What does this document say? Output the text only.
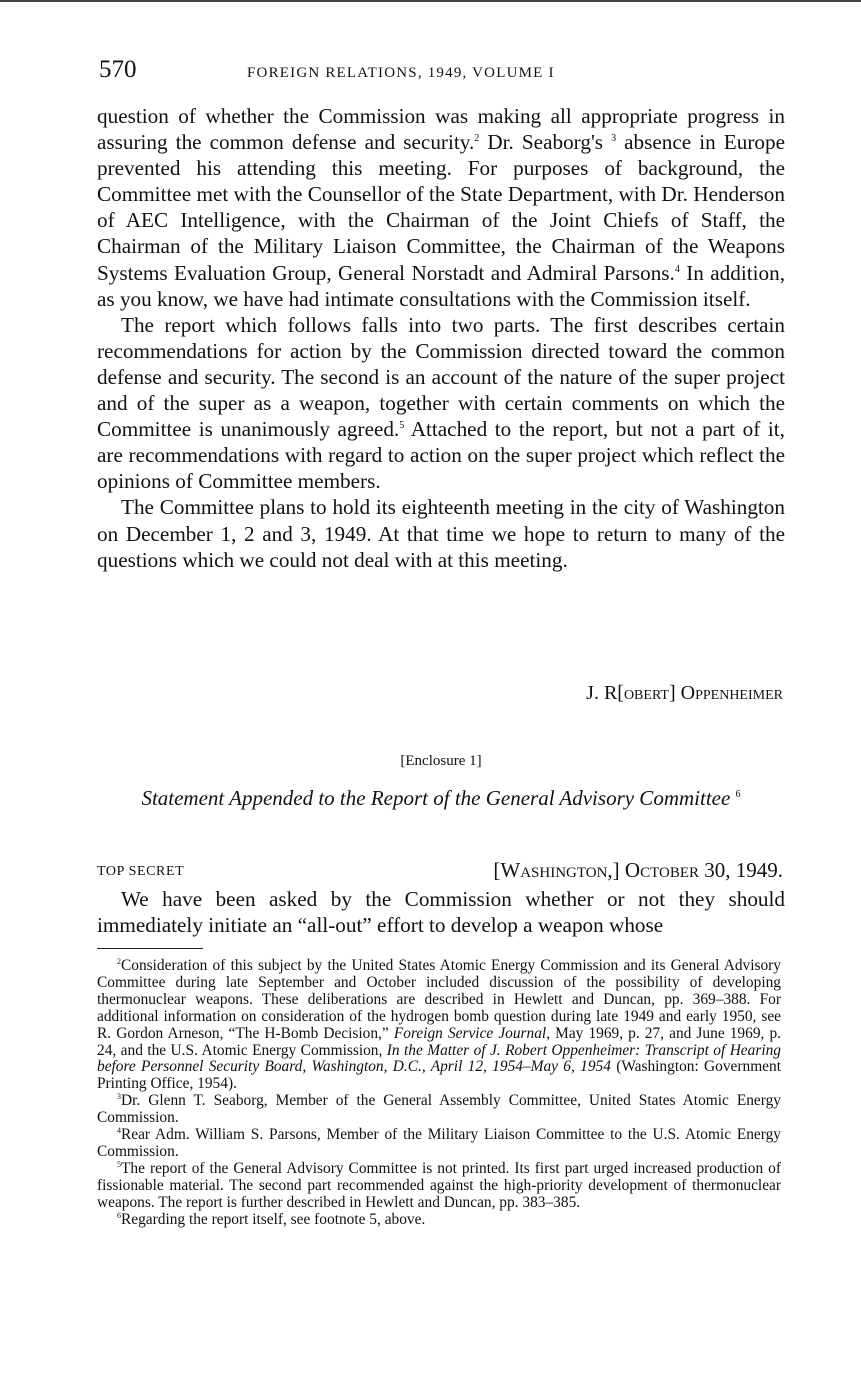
570	FOREIGN RELATIONS, 1949, VOLUME I

question of whether the Commission was making all appropriate progress in assuring the common defense and security.$^2$ Dr. Seaborg's $^3$ absence in Europe prevented his attending this meeting. For purposes of background, the Committee met with the Counsellor of the State Department, with Dr. Henderson of AEC Intelligence, with the Chairman of the Joint Chiefs of Staff, the Chairman of the Military Liaison Committee, the Chairman of the Weapons Systems Evaluation Group, General Norstadt and Admiral Parsons.$^4$ In addition, as you know, we have had intimate consultations with the Commission itself.

The report which follows falls into two parts. The first describes certain recommendations for action by the Commission directed toward the common defense and security. The second is an account of the nature of the super project and of the super as a weapon, together with certain comments on which the Committee is unanimously agreed.$^5$ Attached to the report, but not a part of it, are recommendations with regard to action on the super project which reflect the opinions of Committee members.

The Committee plans to hold its eighteenth meeting in the city of Washington on December 1, 2 and 3, 1949. At that time we hope to return to many of the questions which we could not deal with at this meeting.

J. R[obert] Oppenheimer
[Enclosure 1]
Statement Appended to the Report of the General Advisory Committee $^6$
TOP SECRET	[Washington,] October 30, 1949.

We have been asked by the Commission whether or not they should immediately initiate an “all-out” effort to develop a weapon whose

$^2$Consideration of this subject by the United States Atomic Energy Commission and its General Advisory Committee during late September and October included discussion of the possibility of developing thermonuclear weapons. These deliberations are described in Hewlett and Duncan, pp. 369–388. For additional information on consideration of the hydrogen bomb question during late 1949 and early 1950, see R. Gordon Arneson, “The H-Bomb Decision,” Foreign Service Journal, May 1969, p. 27, and June 1969, p. 24, and the U.S. Atomic Energy Commission, In the Matter of J. Robert Oppenheimer: Transcript of Hearing before Personnel Security Board, Washington, D.C., April 12, 1954–May 6, 1954 (Washington: Government Printing Office, 1954).

$^3$Dr. Glenn T. Seaborg, Member of the General Assembly Committee, United States Atomic Energy Commission.

$^4$Rear Adm. William S. Parsons, Member of the Military Liaison Committee to the U.S. Atomic Energy Commission.

$^5$The report of the General Advisory Committee is not printed. Its first part urged increased production of fissionable material. The second part recommended against the high-priority development of thermonuclear weapons. The report is further described in Hewlett and Duncan, pp. 383–385.

$^6$Regarding the report itself, see footnote 5, above.
